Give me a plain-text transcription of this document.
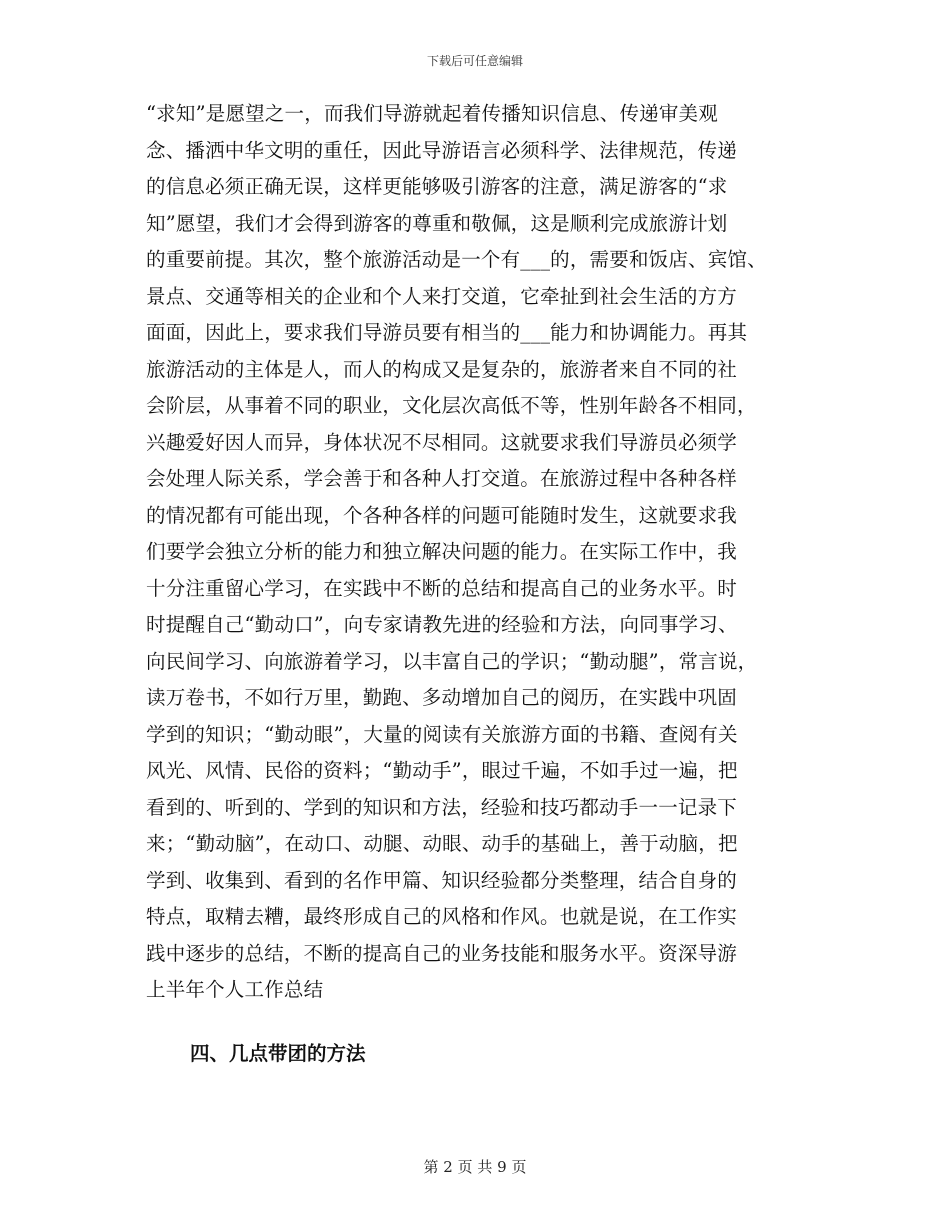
下载后可任意编辑
“求知”是愿望之一，而我们导游就起着传播知识信息、传递审美观
念、播洒中华文明的重任，因此导游语言必须科学、法律规范，传递
的信息必须正确无误，这样更能够吸引游客的注意，满足游客的“求
知”愿望，我们才会得到游客的尊重和敬佩，这是顺利完成旅游计划
的重要前提。其次，整个旅游活动是一个有___的，需要和饭店、宾馆、
景点、交通等相关的企业和个人来打交道，它牵扯到社会生活的方方
面面，因此上，要求我们导游员要有相当的___能力和协调能力。再其
旅游活动的主体是人，而人的构成又是复杂的，旅游者来自不同的社
会阶层，从事着不同的职业，文化层次高低不等，性别年龄各不相同，
兴趣爱好因人而异，身体状况不尽相同。这就要求我们导游员必须学
会处理人际关系，学会善于和各种人打交道。在旅游过程中各种各样
的情况都有可能出现，个各种各样的问题可能随时发生，这就要求我
们要学会独立分析的能力和独立解决问题的能力。在实际工作中，我
十分注重留心学习，在实践中不断的总结和提高自己的业务水平。时
时提醒自己“勤动口”，向专家请教先进的经验和方法，向同事学习、
向民间学习、向旅游着学习，以丰富自己的学识；“勤动腿”，常言说，
读万卷书，不如行万里，勤跑、多动增加自己的阅历，在实践中巩固
学到的知识；“勤动眼”，大量的阅读有关旅游方面的书籍、查阅有关
风光、风情、民俗的资料；“勤动手”，眼过千遍，不如手过一遍，把
看到的、听到的、学到的知识和方法，经验和技巧都动手一一记录下
来；“勤动脑”，在动口、动腿、动眼、动手的基础上，善于动脑，把
学到、收集到、看到的名作甲篇、知识经验都分类整理，结合自身的
特点，取精去糟，最终形成自己的风格和作风。也就是说，在工作实
践中逐步的总结，不断的提高自己的业务技能和服务水平。资深导游
上半年个人工作总结
四、几点带团的方法
第 2 页 共 9 页
